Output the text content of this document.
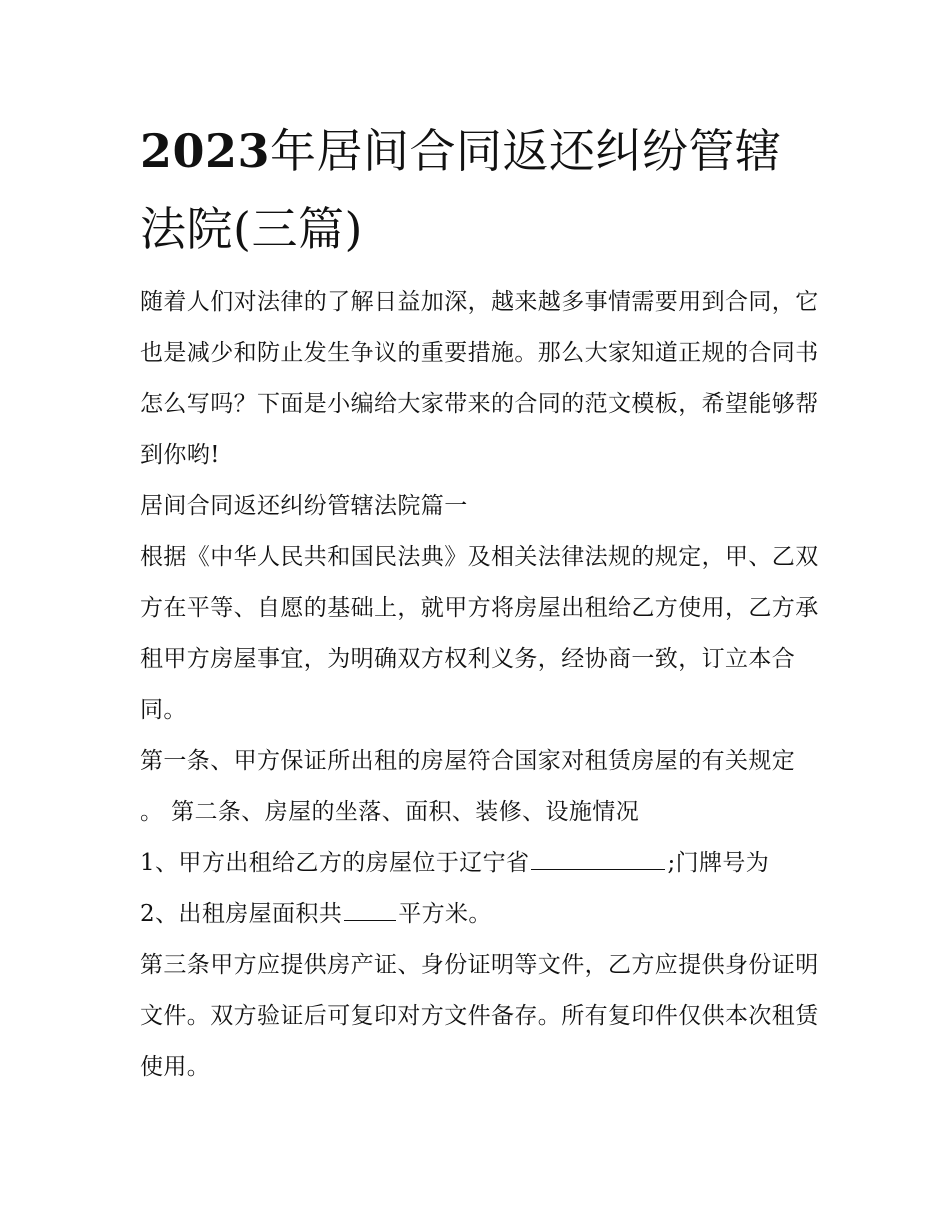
2023年居间合同返还纠纷管辖法院(三篇)

随着人们对法律的了解日益加深，越来越多事情需要用到合同，它也是减少和防止发生争议的重要措施。那么大家知道正规的合同书怎么写吗？下面是小编给大家带来的合同的范文模板，希望能够帮到你哟!

居间合同返还纠纷管辖法院篇一

根据《中华人民共和国民法典》及相关法律法规的规定，甲、乙双方在平等、自愿的基础上，就甲方将房屋出租给乙方使用，乙方承租甲方房屋事宜，为明确双方权利义务，经协商一致，订立本合同。

第一条、甲方保证所出租的房屋符合国家对租赁房屋的有关规定 。 第二条、房屋的坐落、面积、装修、设施情况

1、甲方出租给乙方的房屋位于辽宁省	;门牌号为

2、出租房屋面积共 平方米。

第三条甲方应提供房产证、身份证明等文件，乙方应提供身份证明文件。双方验证后可复印对方文件备存。所有复印件仅供本次租赁使用。
